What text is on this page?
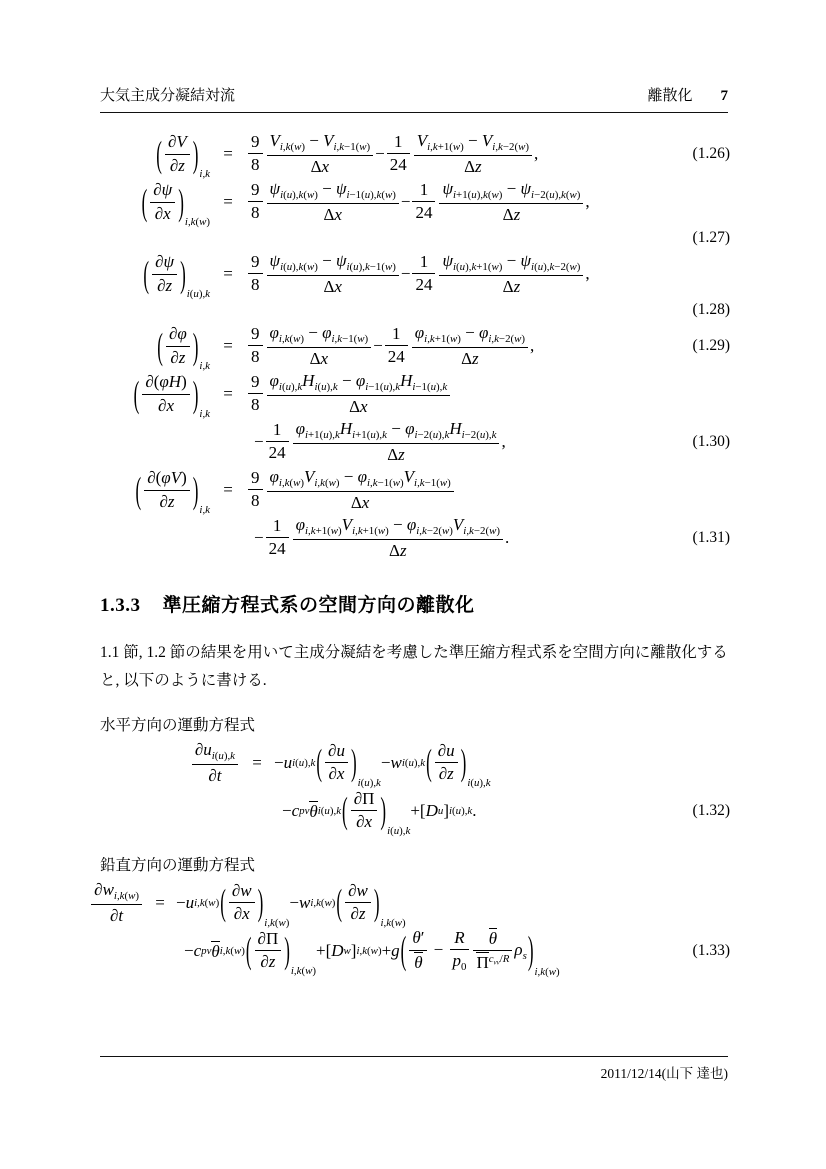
大気主成分凝結対流	離散化 7
( $\frac{\partial V}{\partial z}$ ) i,k
=
9
8
$V_{i,k(w)} - V_{i,k-1(w)}$
Δx
−
1
24
$V_{i,k+1(w)} - V_{i,k-2(w)}$
Δz
,	(1.26)
( $\frac{\partial\psi}{\partial x}$ ) i,k(w)
=
9
8
$\psi_{i(u),k(w)} - \psi_{i-1(u),k(w)}$
Δx
−
1
24
$\psi_{i+1(u),k(w)} - \psi_{i-2(u),k(w)}$
Δz
,
(1.27)
( $\frac{\partial\psi}{\partial z}$ ) i(u),k
=
9
8
$\psi_{i(u),k(w)} - \psi_{i(u),k-1(w)}$
Δx
−
1
24
$\psi_{i(u),k+1(w)} - \psi_{i(u),k-2(w)}$
Δz
,
(1.28)
( $\frac{\partial\varphi}{\partial z}$ ) i,k
=
9
8
$\varphi_{i,k(w)} - \varphi_{i,k-1(w)}$
Δx
−
1
24
$\varphi_{i,k+1(w)} - \varphi_{i,k-2(w)}$
Δz
,	(1.29)
( $\frac{\partial(\varphi H)}{\partial x}$ ) i,k
=
9
8
$\varphi_{i(u),k}H_{i(u),k} - \varphi_{i-1(u),k}H_{i-1(u),k}$
Δx
−
1
24
$\varphi_{i+1(u),k}H_{i+1(u),k} - \varphi_{i-2(u),k}H_{i-2(u),k}$
Δz
,	(1.30)
( $\frac{\partial(\varphi V)}{\partial z}$ ) i,k
=
9
8
$\varphi_{i,k(w)}V_{i,k(w)} - \varphi_{i,k-1(w)}V_{i,k-1(w)}$
Δx
−
1
24
$\varphi_{i,k+1(w)}V_{i,k+1(w)} - \varphi_{i,k-2(w)}V_{i,k-2(w)}$
Δz
.	(1.31)
1.3.3 準圧縮方程式系の空間方向の離散化

1.1 節, 1.2 節の結果を用いて主成分凝結を考慮した準圧縮方程式系を空間方向に離散化すると, 以下のように書ける.

水平方向の運動方程式
$\partial u_{i(u),k}$
∂t
= − u i(u),k ( $\frac{\partial u}{\partial x}$ ) i(u),k
− w i(u),k ( $\frac{\partial u}{\partial z}$ ) i(u),k
− c pv θ i(u),k ( $\frac{\partial\Pi}{\partial x}$ ) i(u),k
+ [ D u ] i(u),k .	(1.32)
鉛直方向の運動方程式
$\partial w_{i,k(w)}$
∂t
= − u i,k(w) ( $\frac{\partial w}{\partial x}$ ) i,k(w)
− w i,k(w) ( $\frac{\partial w}{\partial z}$ ) i,k(w)
− c pv θ i,k(w) ( $\frac{\partial\Pi}{\partial z}$ ) i,k(w)
+ [ D w ] i,k(w) + g ( $\frac{\theta'}{\theta} - \frac{R}{p_0}$ θ
$\Pi^{c_{vv}/R}$
$\rho_s$ ) i,k(w)
(1.33)
2011/12/14(山下 達也)
